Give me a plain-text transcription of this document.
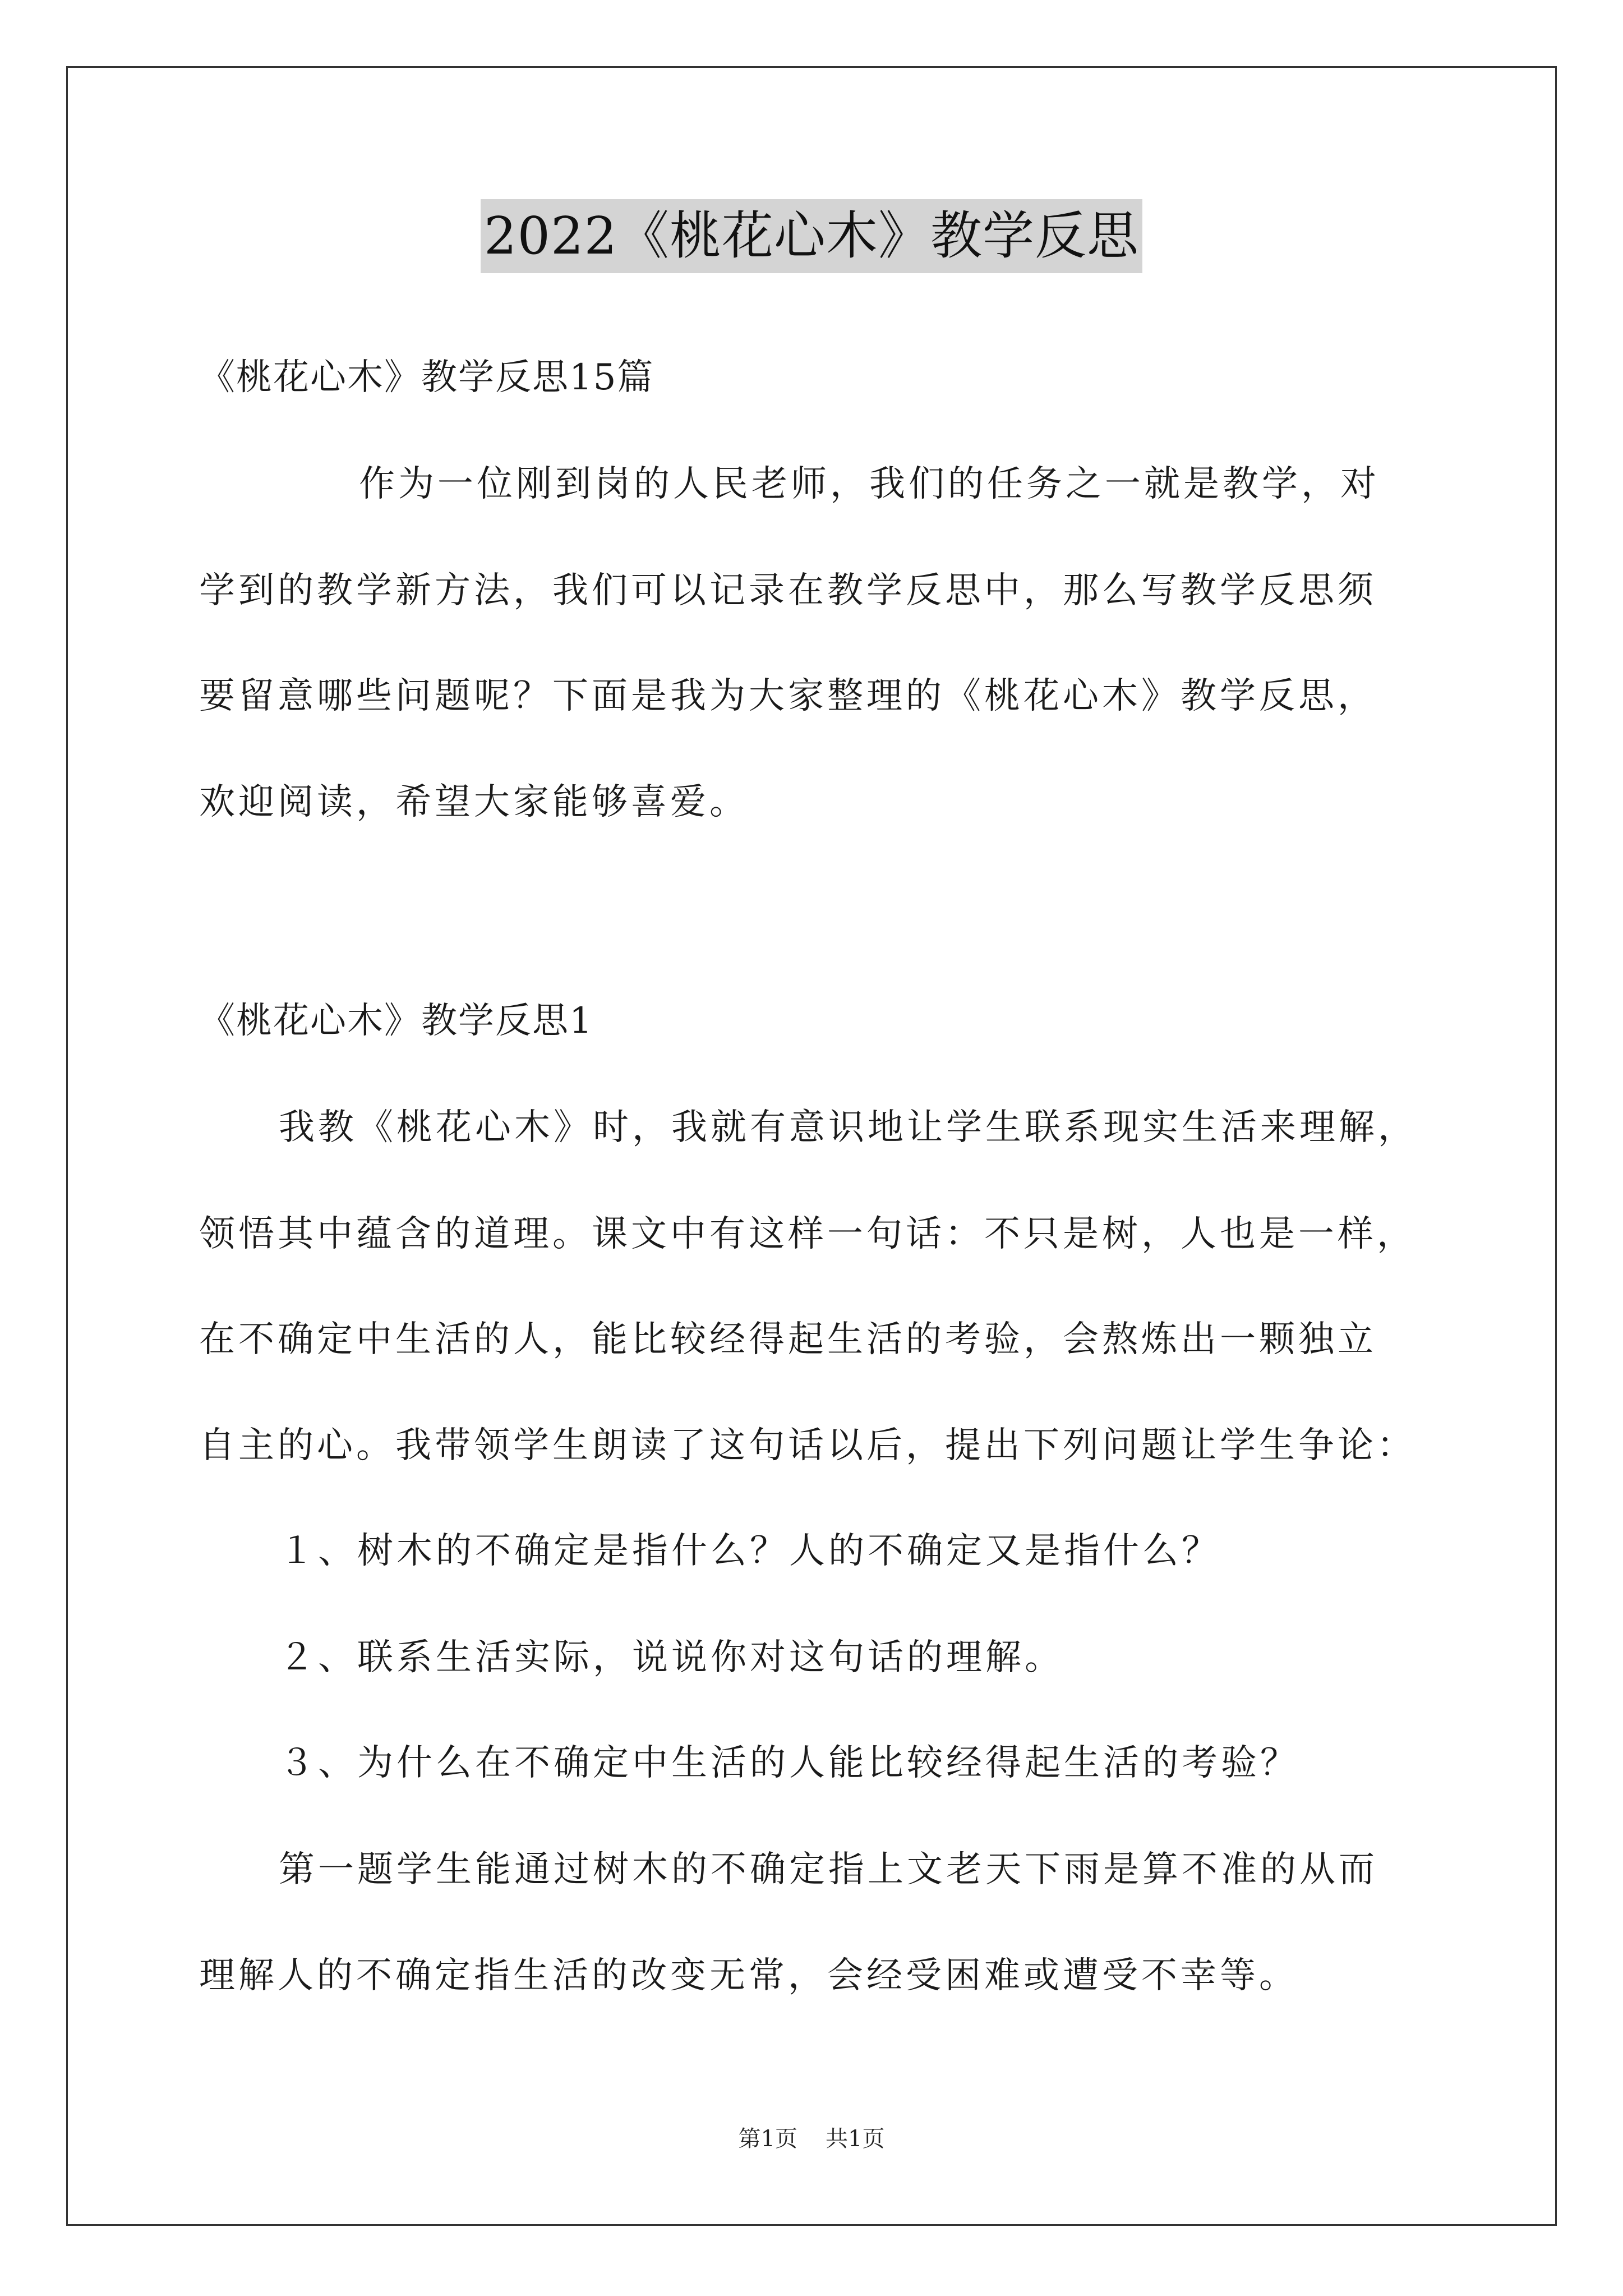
2022《桃花心木》教学反思
《桃花心木》教学反思15篇
作为一位刚到岗的人民老师，我们的任务之一就是教学，对
学到的教学新方法，我们可以记录在教学反思中，那么写教学反思须
要留意哪些问题呢？下面是我为大家整理的《桃花心木》教学反思，
欢迎阅读，希望大家能够喜爱。
《桃花心木》教学反思1
我教《桃花心木》时，我就有意识地让学生联系现实生活来理解，
领悟其中蕴含的道理。课文中有这样一句话：不只是树，人也是一样，
在不确定中生活的人，能比较经得起生活的考验，会熬炼出一颗独立
自主的心。我带领学生朗读了这句话以后，提出下列问题让学生争论：
１、树木的不确定是指什么？人的不确定又是指什么？
２、联系生活实际，说说你对这句话的理解。
３、为什么在不确定中生活的人能比较经得起生活的考验？
第一题学生能通过树木的不确定指上文老天下雨是算不准的从而
理解人的不确定指生活的改变无常，会经受困难或遭受不幸等。
第1页 共1页
